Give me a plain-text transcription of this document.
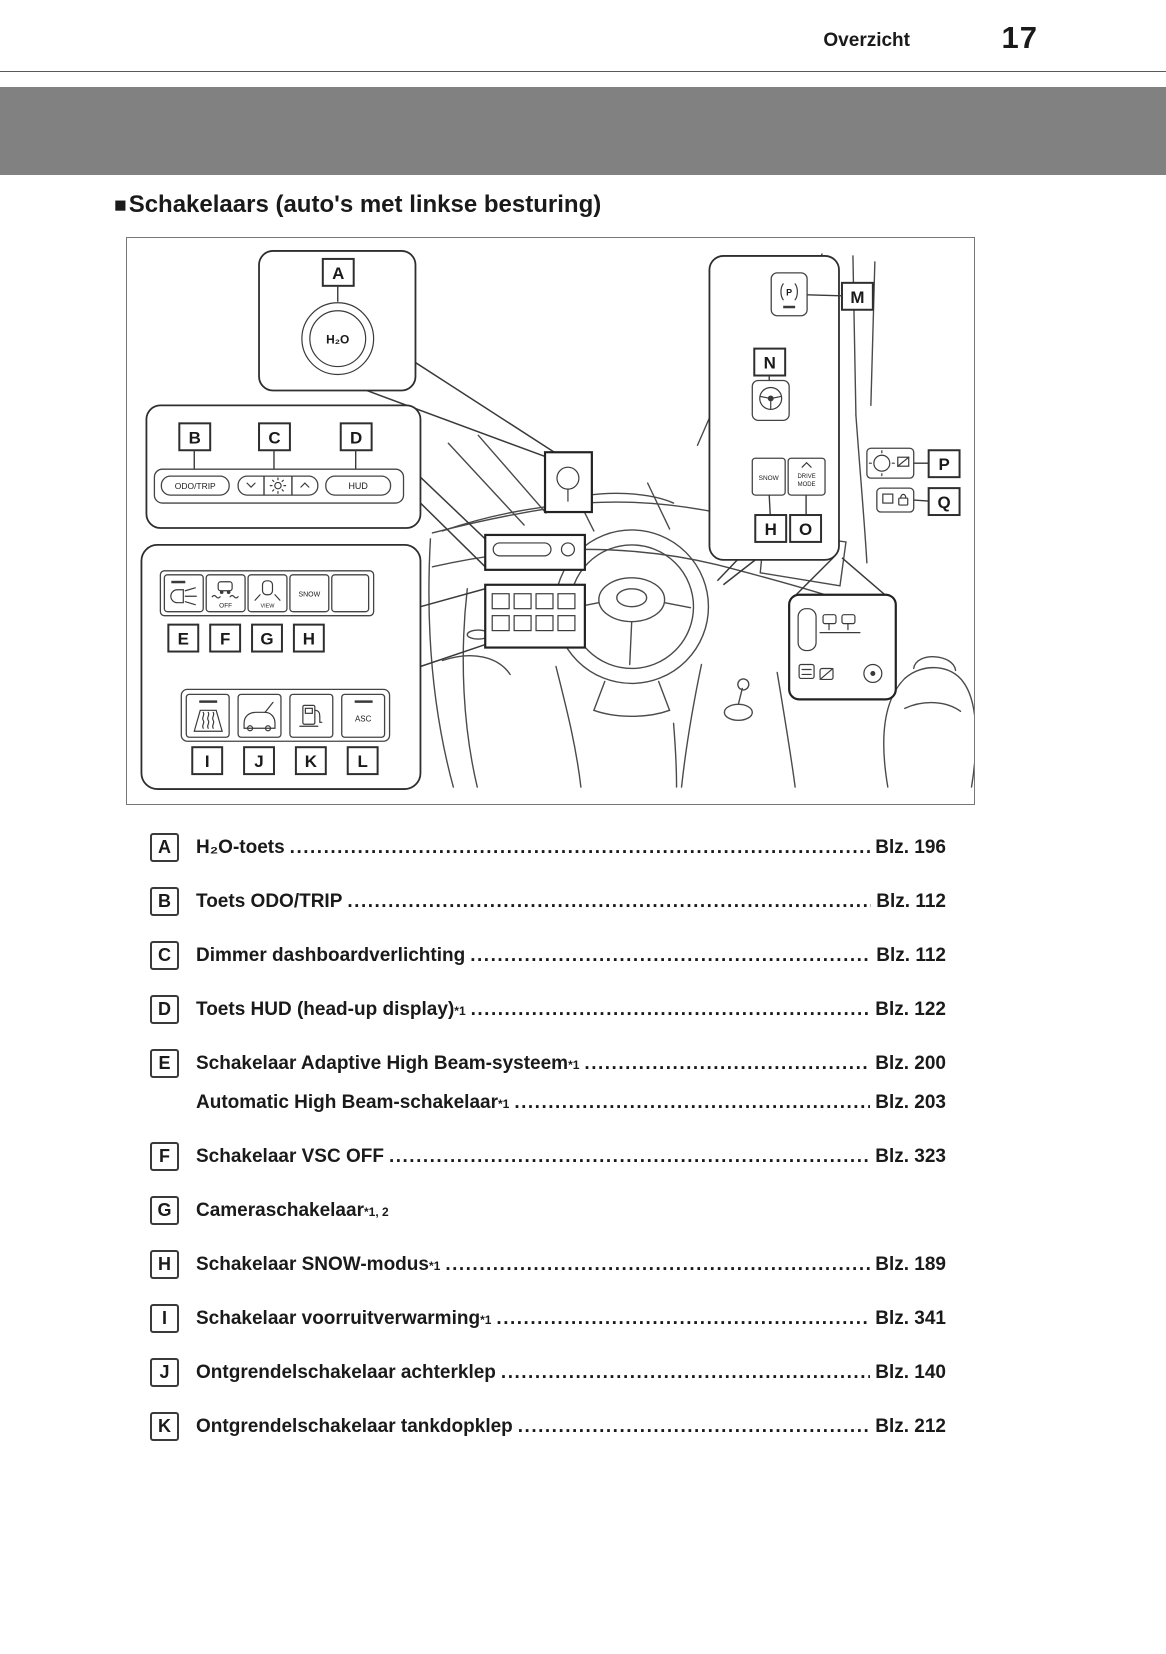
Overzicht	17
■Schakelaars (auto's met linkse besturing)
A
H₂O
B	C	D
ODO/TRIP	HUD
OFF	VIEW
SNOW
E F G H
ASC
I	J K L
P	M
N
SNOW	DRIVE
MODE
H O
P
Q
A	H₂O-toets .....	Blz. 196
B	Toets ODO/TRIP .....	Blz. 112
C	Dimmer dashboardverlichting .....	Blz. 112
D	Toets HUD (head-up display) *1 .....	Blz. 122
E	Schakelaar Adaptive High Beam-systeem *1 .....	Blz. 200
Automatic High Beam-schakelaar *1 .....	Blz. 203
F	Schakelaar VSC OFF .....	Blz. 323
G	Cameraschakelaar *1, 2
H	Schakelaar SNOW-modus *1 .....	Blz. 189
I	Schakelaar voorruitverwarming *1 .....	Blz. 341
J	Ontgrendelschakelaar achterklep .....	Blz. 140
K	Ontgrendelschakelaar tankdopklep .....	Blz. 212
